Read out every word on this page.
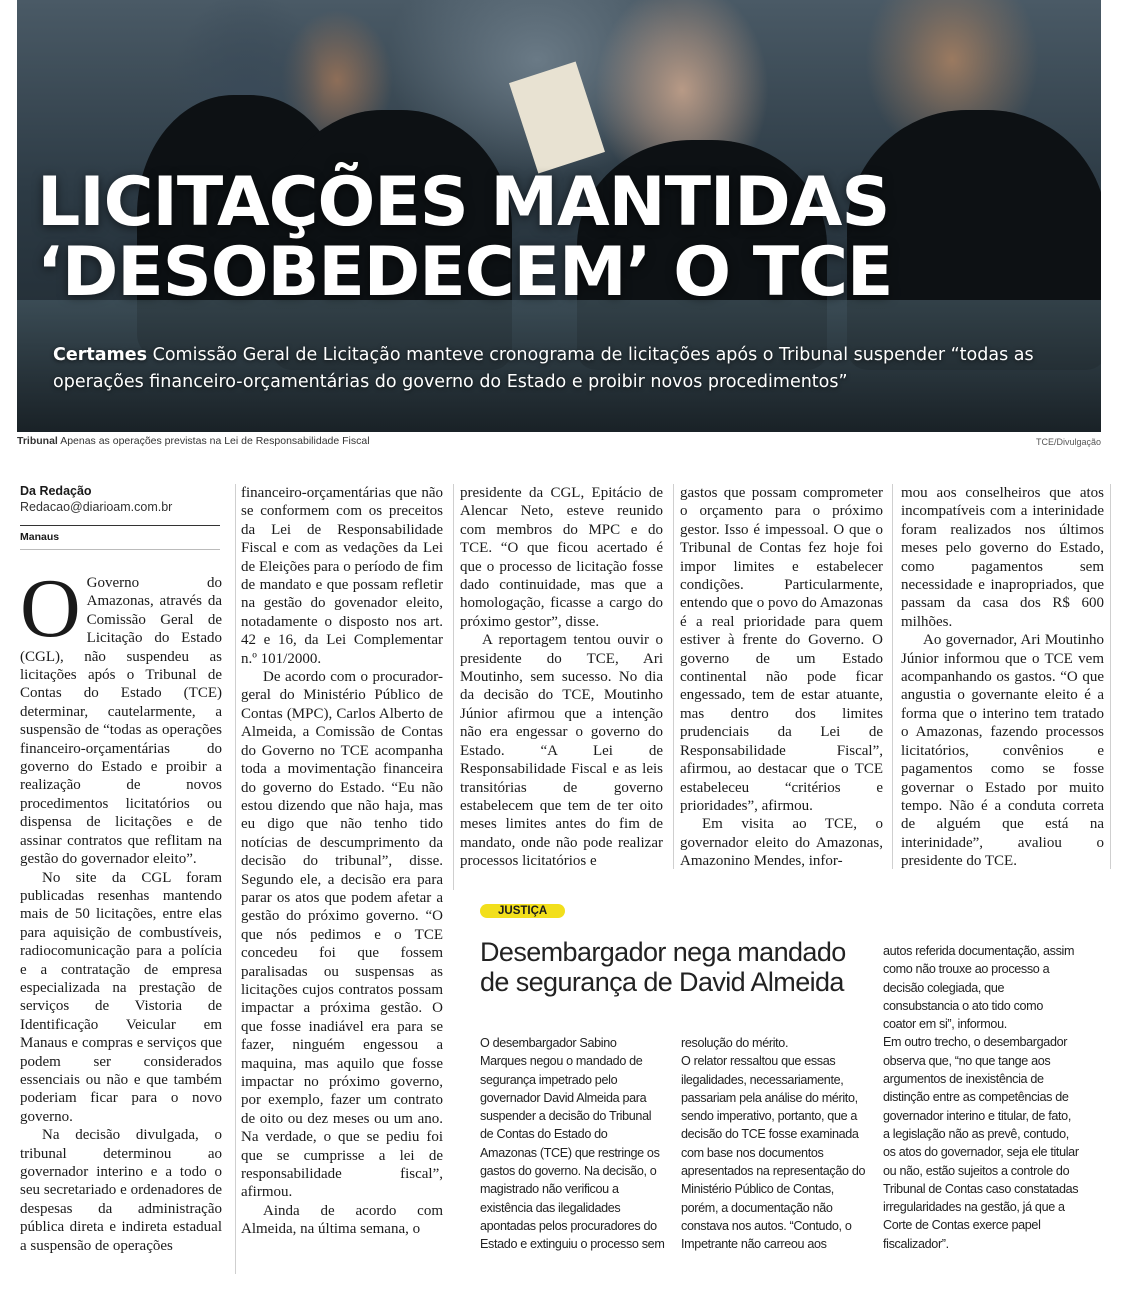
LICITAÇÕES MANTIDAS
‘DESOBEDECEM’ O TCE
Certames Comissão Geral de Licitação manteve cronograma de licitações após o Tribunal suspender “todas as operações financeiro-orçamentárias do governo do Estado e proibir novos procedimentos”
Tribunal Apenas as operações previstas na Lei de Responsabilidade Fiscal	TCE/Divulgação
Da Redação
Redacao@diarioam.com.br
Manaus

O Governo do Amazonas, através da Comissão Geral de Licitação do Estado (CGL), não suspendeu as licitações após o Tribunal de Contas do Estado (TCE) determinar, cautelarmente, a suspensão de “todas as operações financeiro-orçamentárias do governo do Estado e proibir a realização de novos procedimentos licitatórios ou dispensa de licitações e de assinar contratos que reflitam na gestão do governador eleito”.

No site da CGL foram publicadas resenhas mantendo mais de 50 licitações, entre elas para aquisição de combustíveis, radiocomunicação para a polícia e a contratação de empresa especializada na prestação de serviços de Vistoria de Identificação Veicular em Manaus e compras e serviços que podem ser considerados essenciais ou não e que também poderiam ficar para o novo governo.

Na decisão divulgada, o tribunal determinou ao governador interino e a todo o seu secretariado e ordenadores de despesas da administração pública direta e indireta estadual a suspensão de operações

financeiro-orçamentárias que não se conformem com os preceitos da Lei de Responsabilidade Fiscal e com as vedações da Lei de Eleições para o período de fim de mandato e que possam refletir na gestão do govenador eleito, notadamente o disposto nos art. 42 e 16, da Lei Complementar n.º 101/2000.

De acordo com o procurador-geral do Ministério Público de Contas (MPC), Carlos Alberto de Almeida, a Comissão de Contas do Governo no TCE acompanha toda a movimentação financeira do governo do Estado. “Eu não estou dizendo que não haja, mas eu digo que não tenho tido notícias de descumprimento da decisão do tribunal”, disse. Segundo ele, a decisão era para parar os atos que podem afetar a gestão do próximo governo. “O que nós pedimos e o TCE concedeu foi que fossem paralisadas ou suspensas as licitações cujos contratos possam impactar a próxima gestão. O que fosse inadiável era para se fazer, ninguém engessou a maquina, mas aquilo que fosse impactar no próximo governo, por exemplo, fazer um contrato de oito ou dez meses ou um ano. Na verdade, o que se pediu foi que se cumprisse a lei de responsabilidade fiscal”, afirmou.

Ainda de acordo com Almeida, na última semana, o

presidente da CGL, Epitácio de Alencar Neto, esteve reunido com membros do MPC e do TCE. “O que ficou acertado é que o processo de licitação fosse dado continuidade, mas que a homologação, ficasse a cargo do próximo gestor”, disse.

A reportagem tentou ouvir o presidente do TCE, Ari Moutinho, sem sucesso. No dia da decisão do TCE, Moutinho Júnior afirmou que a intenção não era engessar o governo do Estado. “A Lei de Responsabilidade Fiscal e as leis transitórias de governo estabelecem que tem de ter oito meses limites antes do fim de mandato, onde não pode realizar processos licitatórios e

gastos que possam comprometer o orçamento para o próximo gestor. Isso é impessoal. O que o Tribunal de Contas fez hoje foi impor limites e estabelecer condições. Particularmente, entendo que o povo do Amazonas é a real prioridade para quem estiver à frente do Governo. O governo de um Estado continental não pode ficar engessado, tem de estar atuante, mas dentro dos limites prudenciais da Lei de Responsabilidade Fiscal”, afirmou, ao destacar que o TCE estabeleceu “critérios e prioridades”, afirmou.

Em visita ao TCE, o governador eleito do Amazonas, Amazonino Mendes, infor-

mou aos conselheiros que atos incompatíveis com a interinidade foram realizados nos últimos meses pelo governo do Estado, como pagamentos sem necessidade e inapropriados, que passam da casa dos R$ 600 milhões.

Ao governador, Ari Moutinho Júnior informou que o TCE vem acompanhando os gastos. “O que angustia o governante eleito é a forma que o interino tem tratado o Amazonas, fazendo processos licitatórios, convênios e pagamentos como se fosse governar o Estado por muito tempo. Não é a conduta correta de alguém que está na interinidade”, avaliou o presidente do TCE.

JUSTIÇA
Desembargador nega mandado de segurança de David Almeida

O desembargador Sabino Marques negou o mandado de segurança impetrado pelo governador David Almeida para suspender a decisão do Tribunal de Contas do Estado do Amazonas (TCE) que restringe os gastos do governo. Na decisão, o magistrado não verificou a existência das ilegalidades apontadas pelos procuradores do Estado e extinguiu o processo sem

resolução do mérito.
O relator ressaltou que essas ilegalidades, necessariamente, passariam pela análise do mérito, sendo imperativo, portanto, que a decisão do TCE fosse examinada com base nos documentos apresentados na representação do Ministério Público de Contas, porém, a documentação não constava nos autos. “Contudo, o Impetrante não carreou aos

autos referida documentação, assim como não trouxe ao processo a decisão colegiada, que consubstancia o ato tido como coator em si”, informou.
Em outro trecho, o desembargador observa que, “no que tange aos argumentos de inexistência de distinção entre as competências de governador interino e titular, de fato, a legislação não as prevê, contudo, os atos do governador, seja ele titular ou não, estão sujeitos a controle do Tribunal de Contas caso constatadas irregularidades na gestão, já que a Corte de Contas exerce papel fiscalizador”.
